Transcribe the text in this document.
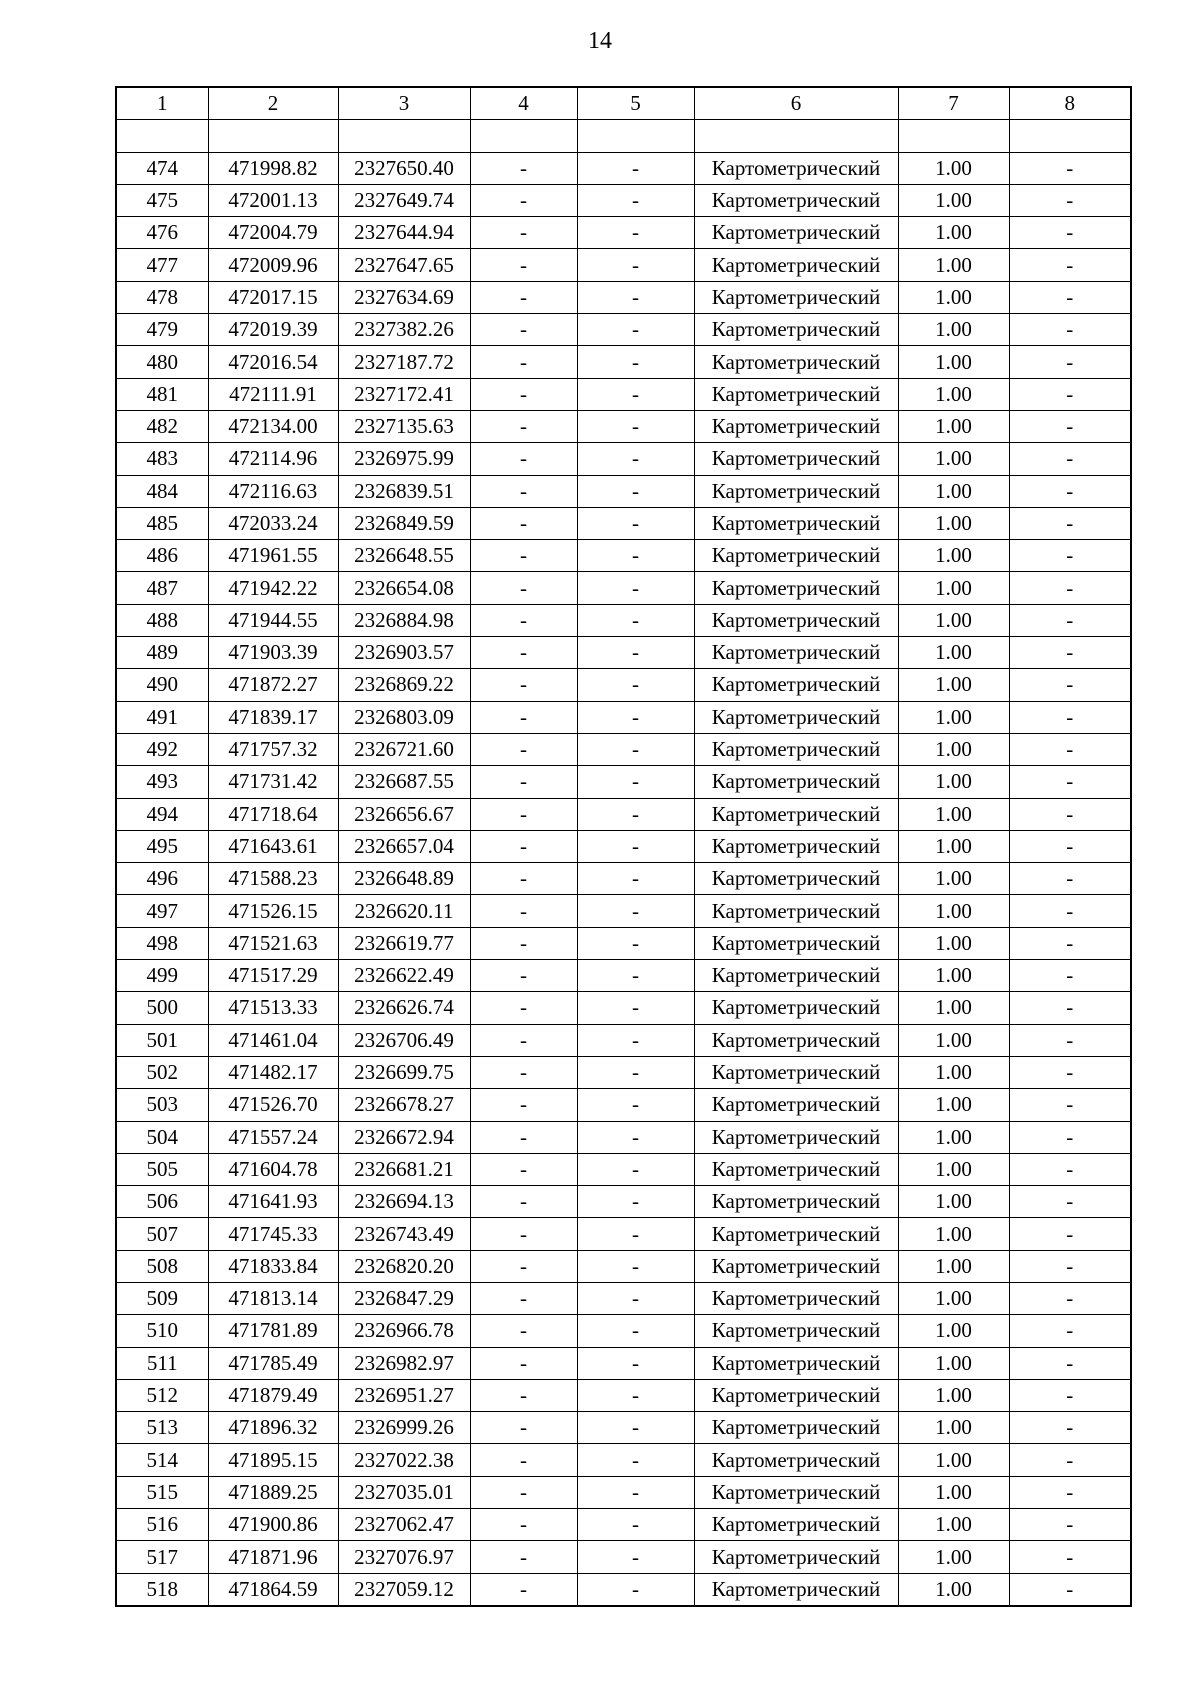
14
1	2	3	4	5	6	7	8

474	471998.82	2327650.40	-	-	Картометрический	1.00	-
475	472001.13	2327649.74	-	-	Картометрический	1.00	-
476	472004.79	2327644.94	-	-	Картометрический	1.00	-
477	472009.96	2327647.65	-	-	Картометрический	1.00	-
478	472017.15	2327634.69	-	-	Картометрический	1.00	-
479	472019.39	2327382.26	-	-	Картометрический	1.00	-
480	472016.54	2327187.72	-	-	Картометрический	1.00	-
481	472111.91	2327172.41	-	-	Картометрический	1.00	-
482	472134.00	2327135.63	-	-	Картометрический	1.00	-
483	472114.96	2326975.99	-	-	Картометрический	1.00	-
484	472116.63	2326839.51	-	-	Картометрический	1.00	-
485	472033.24	2326849.59	-	-	Картометрический	1.00	-
486	471961.55	2326648.55	-	-	Картометрический	1.00	-
487	471942.22	2326654.08	-	-	Картометрический	1.00	-
488	471944.55	2326884.98	-	-	Картометрический	1.00	-
489	471903.39	2326903.57	-	-	Картометрический	1.00	-
490	471872.27	2326869.22	-	-	Картометрический	1.00	-
491	471839.17	2326803.09	-	-	Картометрический	1.00	-
492	471757.32	2326721.60	-	-	Картометрический	1.00	-
493	471731.42	2326687.55	-	-	Картометрический	1.00	-
494	471718.64	2326656.67	-	-	Картометрический	1.00	-
495	471643.61	2326657.04	-	-	Картометрический	1.00	-
496	471588.23	2326648.89	-	-	Картометрический	1.00	-
497	471526.15	2326620.11	-	-	Картометрический	1.00	-
498	471521.63	2326619.77	-	-	Картометрический	1.00	-
499	471517.29	2326622.49	-	-	Картометрический	1.00	-
500	471513.33	2326626.74	-	-	Картометрический	1.00	-
501	471461.04	2326706.49	-	-	Картометрический	1.00	-
502	471482.17	2326699.75	-	-	Картометрический	1.00	-
503	471526.70	2326678.27	-	-	Картометрический	1.00	-
504	471557.24	2326672.94	-	-	Картометрический	1.00	-
505	471604.78	2326681.21	-	-	Картометрический	1.00	-
506	471641.93	2326694.13	-	-	Картометрический	1.00	-
507	471745.33	2326743.49	-	-	Картометрический	1.00	-
508	471833.84	2326820.20	-	-	Картометрический	1.00	-
509	471813.14	2326847.29	-	-	Картометрический	1.00	-
510	471781.89	2326966.78	-	-	Картометрический	1.00	-
511	471785.49	2326982.97	-	-	Картометрический	1.00	-
512	471879.49	2326951.27	-	-	Картометрический	1.00	-
513	471896.32	2326999.26	-	-	Картометрический	1.00	-
514	471895.15	2327022.38	-	-	Картометрический	1.00	-
515	471889.25	2327035.01	-	-	Картометрический	1.00	-
516	471900.86	2327062.47	-	-	Картометрический	1.00	-
517	471871.96	2327076.97	-	-	Картометрический	1.00	-
518	471864.59	2327059.12	-	-	Картометрический	1.00	-
